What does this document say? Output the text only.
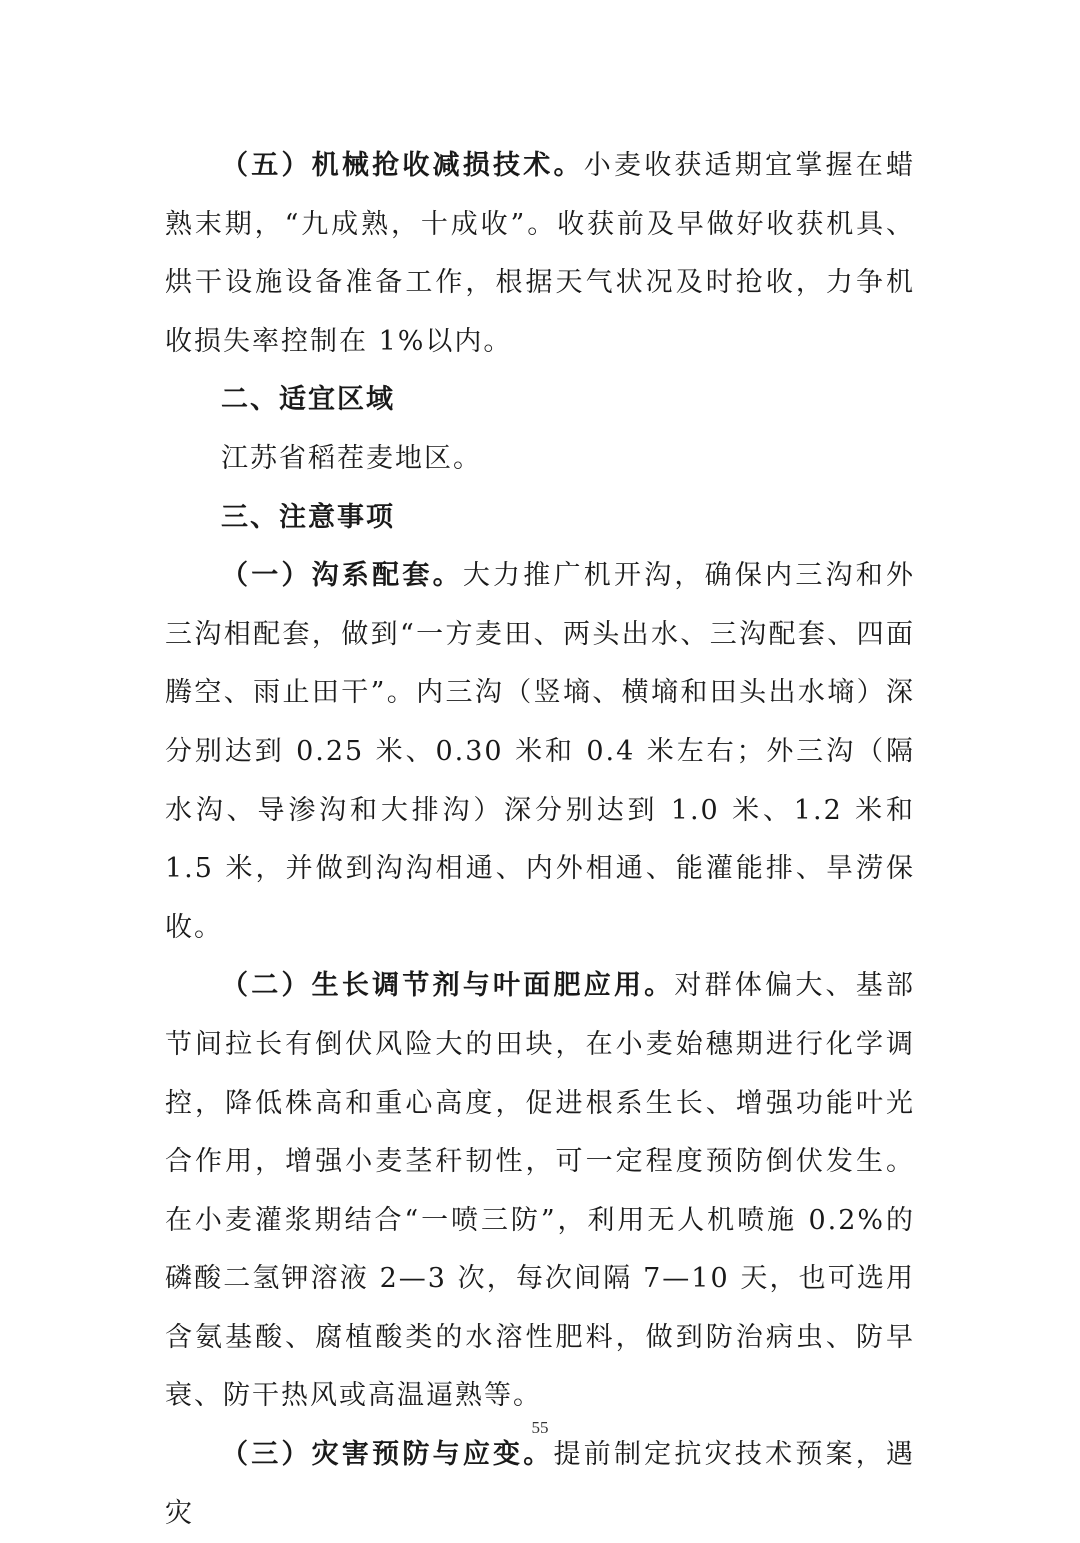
（五）机械抢收减损技术。小麦收获适期宜掌握在蜡熟末期，“九成熟，十成收”。收获前及早做好收获机具、烘干设施设备准备工作，根据天气状况及时抢收，力争机收损失率控制在 1%以内。

二、适宜区域

江苏省稻茬麦地区。

三、注意事项

（一）沟系配套。大力推广机开沟，确保内三沟和外三沟相配套，做到“一方麦田、两头出水、三沟配套、四面腾空、雨止田干”。内三沟（竖墒、横墒和田头出水墒）深分别达到 0.25 米、0.30 米和 0.4 米左右；外三沟（隔水沟、导渗沟和大排沟）深分别达到 1.0 米、1.2 米和 1.5 米，并做到沟沟相通、内外相通、能灌能排、旱涝保收。

（二）生长调节剂与叶面肥应用。对群体偏大、基部节间拉长有倒伏风险大的田块，在小麦始穗期进行化学调控，降低株高和重心高度，促进根系生长、增强功能叶光合作用，增强小麦茎秆韧性，可一定程度预防倒伏发生。在小麦灌浆期结合“一喷三防”，利用无人机喷施 0.2%的磷酸二氢钾溶液 2—3 次，每次间隔 7—10 天，也可选用含氨基酸、腐植酸类的水溶性肥料，做到防治病虫、防早衰、防干热风或高温逼熟等。

（三）灾害预防与应变。提前制定抗灾技术预案，遇灾

55
